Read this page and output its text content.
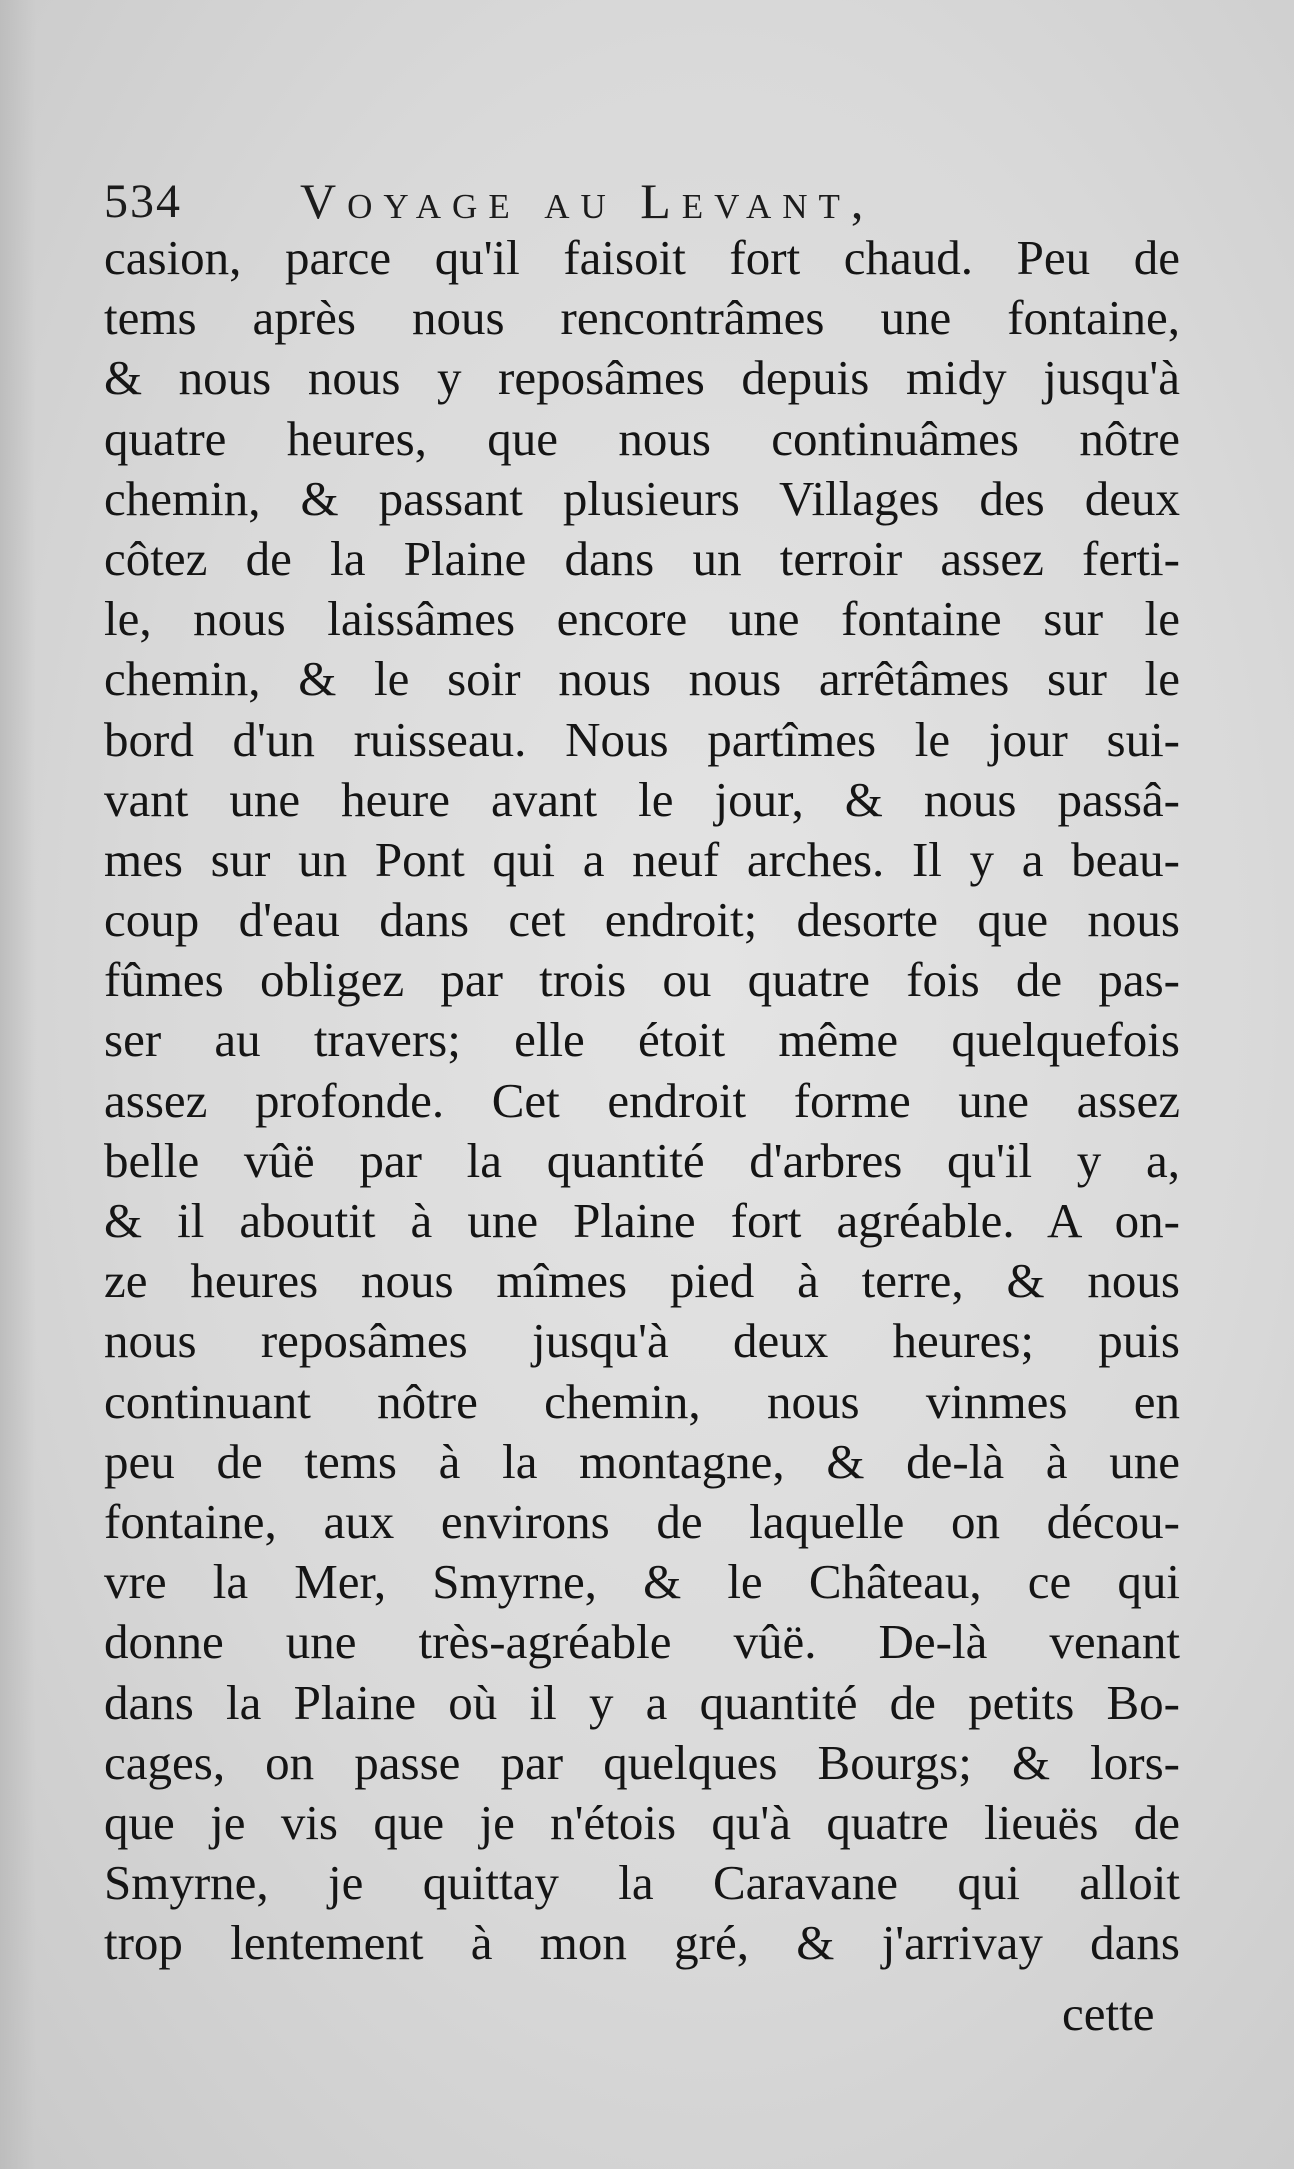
534 Voyage au Levant,
casion, parce qu'il faisoit fort chaud. Peu de
tems après nous rencontrâmes une fontaine,
& nous nous y reposâmes depuis midy jusqu'à
quatre heures, que nous continuâmes nôtre
chemin, & passant plusieurs Villages des deux
côtez de la Plaine dans un terroir assez ferti-
le, nous laissâmes encore une fontaine sur le
chemin, & le soir nous nous arrêtâmes sur le
bord d'un ruisseau. Nous partîmes le jour sui-
vant une heure avant le jour, & nous passâ-
mes sur un Pont qui a neuf arches. Il y a beau-
coup d'eau dans cet endroit; desorte que nous
fûmes obligez par trois ou quatre fois de pas-
ser au travers; elle étoit même quelquefois
assez profonde. Cet endroit forme une assez
belle vûë par la quantité d'arbres qu'il y a,
& il aboutit à une Plaine fort agréable. A on-
ze heures nous mîmes pied à terre, & nous
nous reposâmes jusqu'à deux heures; puis
continuant nôtre chemin, nous vinmes en
peu de tems à la montagne, & de-là à une
fontaine, aux environs de laquelle on décou-
vre la Mer, Smyrne, & le Château, ce qui
donne une très-agréable vûë. De-là venant
dans la Plaine où il y a quantité de petits Bo-
cages, on passe par quelques Bourgs; & lors-
que je vis que je n'étois qu'à quatre lieuës de
Smyrne, je quittay la Caravane qui alloit
trop lentement à mon gré, & j'arrivay dans
cette
